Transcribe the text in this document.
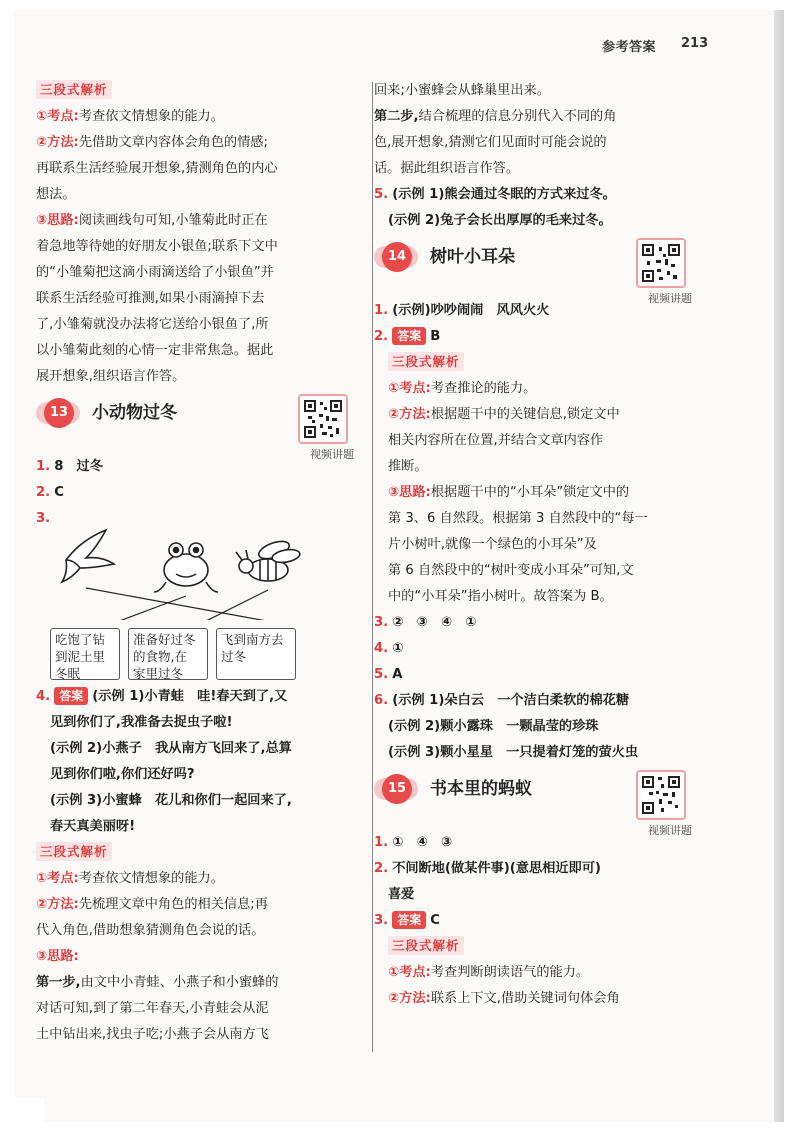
参考答案 213
三段式解析
①考点:考查依文情想象的能力。
②方法:先借助文章内容体会角色的情感;
再联系生活经验展开想象,猜测角色的内心
想法。
③思路:阅读画线句可知,小雏菊此时正在
着急地等待她的好朋友小银鱼;联系下文中
的“小雏菊把这滴小雨滴送给了小银鱼”并
联系生活经验可推测,如果小雨滴掉下去
了,小雏菊就没办法将它送给小银鱼了,所
以小雏菊此刻的心情一定非常焦急。据此
展开想象,组织语言作答。
13	小动物过冬
视频讲题
1. 8　过冬
2. C
3.
吃饱了钻
到泥土里
冬眠
准备好过冬
的食物,在
家里过冬
飞到南方去
过冬
4. 答案 (示例 1)小青蛙　哇!春天到了,又
见到你们了,我准备去捉虫子啦!
(示例 2)小燕子　我从南方飞回来了,总算
见到你们啦,你们还好吗?
(示例 3)小蜜蜂　花儿和你们一起回来了,
春天真美丽呀!
三段式解析
①考点:考查依文情想象的能力。
②方法:先梳理文章中角色的相关信息;再
代入角色,借助想象猜测角色会说的话。
③思路:
第一步,由文中小青蛙、小燕子和小蜜蜂的
对话可知,到了第二年春天,小青蛙会从泥
土中钻出来,找虫子吃;小燕子会从南方飞
回来;小蜜蜂会从蜂巢里出来。
第二步,结合梳理的信息分别代入不同的角
色,展开想象,猜测它们见面时可能会说的
话。据此组织语言作答。
5. (示例 1)熊会通过冬眠的方式来过冬。
(示例 2)兔子会长出厚厚的毛来过冬。
14	树叶小耳朵
视频讲题
1. (示例)吵吵闹闹　风风火火
2. 答案 B
三段式解析
①考点:考查推论的能力。
②方法:根据题干中的关键信息,锁定文中
相关内容所在位置,并结合文章内容作
推断。
③思路:根据题干中的“小耳朵”锁定文中的
第 3、6 自然段。根据第 3 自然段中的“每一
片小树叶,就像一个绿色的小耳朵”及
第 6 自然段中的“树叶变成小耳朵”可知,文
中的“小耳朵”指小树叶。故答案为 B。
3. ②　③　④　①
4. ①
5. A
6. (示例 1)朵白云　一个洁白柔软的棉花糖
(示例 2)颗小露珠　一颗晶莹的珍珠
(示例 3)颗小星星　一只提着灯笼的萤火虫
15	书本里的蚂蚁
视频讲题
1. ①　④　③
2. 不间断地(做某件事)(意思相近即可)
喜爱
3. 答案 C
三段式解析
①考点:考查判断朗读语气的能力。
②方法:联系上下文,借助关键词句体会角
